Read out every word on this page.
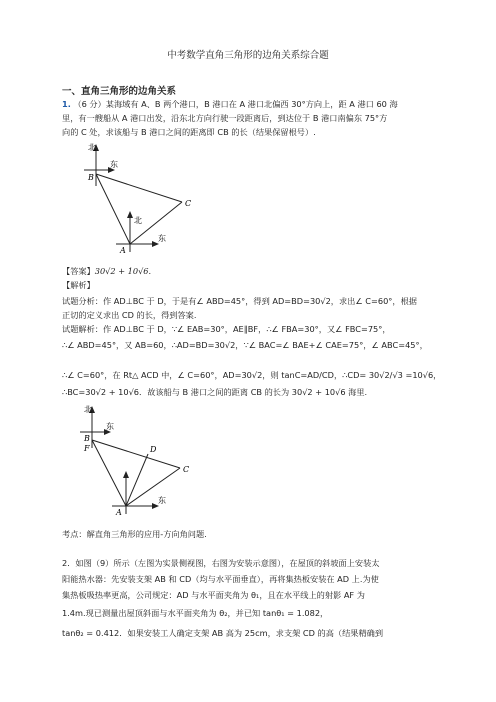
中考数学直角三角形的边角关系综合题
一、直角三角形的边角关系
1. （6 分）某海域有 A、B 两个港口，B 港口在 A 港口北偏西 30°方向上，距 A 港口 60 海
里，有一艘船从 A 港口出发，沿东北方向行驶一段距离后，到达位于 B 港口南偏东 75°方
向的 C 处，求该船与 B 港口之间的距离即 CB 的长（结果保留根号）.
北
东
北
东
B
C
A
【答案】30√2 + 10√6.
【解析】
试题分析：作 AD⊥BC 于 D，于是有∠ ABD=45°，得到 AD=BD=30√2，求出∠ C=60°，根据
正切的定义求出 CD 的长，得到答案.
试题解析：作 AD⊥BC 于 D，∵∠ EAB=30°，AE∥BF，∴∠ FBA=30°，又∠ FBC=75°，
∴∠ ABD=45°，又 AB=60，∴AD=BD=30√2，∵∠ BAC=∠ BAE+∠ CAE=75°，∠ ABC=45°，
∴∠ C=60°，在 Rt△ ACD 中，∠ C=60°，AD=30√2，则 tanC=AD/CD，∴CD= 30√2/√3 =10√6，
∴BC=30√2 + 10√6．故该船与 B 港口之间的距离 CB 的长为 30√2 + 10√6 海里.
北
东
东
B
F	D
C
A
考点：解直角三角形的应用-方向角问题.
2．如图（9）所示（左图为实景侧视图，右图为安装示意图），在屋顶的斜坡面上安装太
阳能热水器：先安装支架 AB 和 CD（均与水平面垂直），再将集热板安装在 AD 上.为使
集热板吸热率更高，公司规定：AD 与水平面夹角为 θ₁，且在水平线上的射影 AF 为
1.4m.现已测量出屋顶斜面与水平面夹角为 θ₂，并已知 tanθ₁ = 1.082，
tanθ₂ = 0.412．如果安装工人确定支架 AB 高为 25cm，求支架 CD 的高（结果精确到
